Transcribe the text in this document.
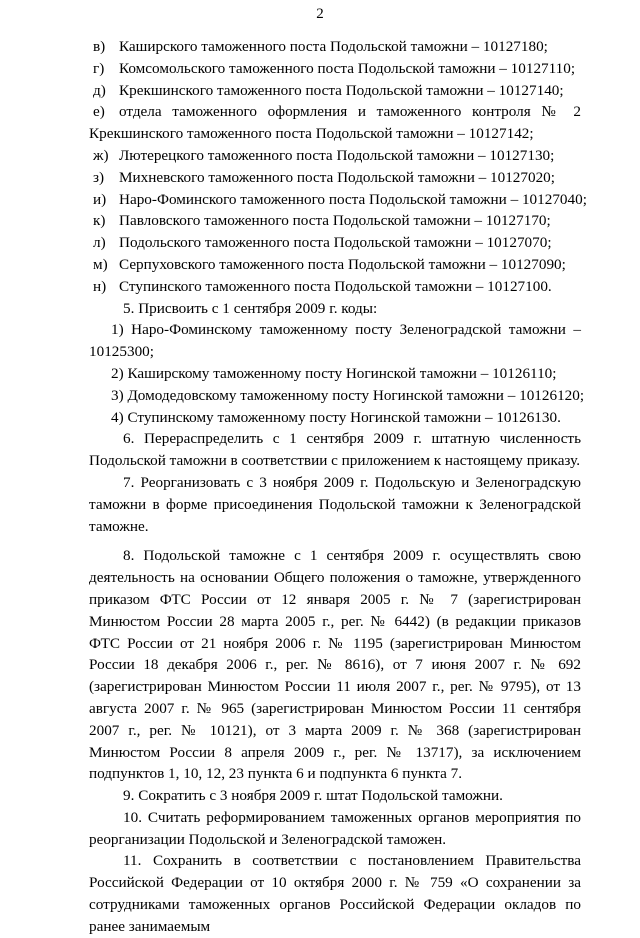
2

в) Каширского таможенного поста Подольской таможни – 10127180;

г) Комсомольского таможенного поста Подольской таможни – 10127110;

д) Крекшинского таможенного поста Подольской таможни – 10127140;

е) отдела таможенного оформления и таможенного контроля № 2 Крекшинского таможенного поста Подольской таможни – 10127142;

ж) Лютерецкого таможенного поста Подольской таможни – 10127130;

з) Михневского таможенного поста Подольской таможни – 10127020;

и) Наро-Фоминского таможенного поста Подольской таможни – 10127040;

к) Павловского таможенного поста Подольской таможни – 10127170;

л) Подольского таможенного поста Подольской таможни – 10127070;

м) Серпуховского таможенного поста Подольской таможни – 10127090;

н) Ступинского таможенного поста Подольской таможни – 10127100.

5. Присвоить с 1 сентября 2009 г. коды:

1) Наро-Фоминскому таможенному посту Зеленоградской таможни – 10125300;

2) Каширскому таможенному посту Ногинской таможни – 10126110;

3) Домодедовскому таможенному посту Ногинской таможни – 10126120;

4) Ступинскому таможенному посту Ногинской таможни – 10126130.

6. Перераспределить с 1 сентября 2009 г. штатную численность Подольской таможни в соответствии с приложением к настоящему приказу.

7. Реорганизовать с 3 ноября 2009 г. Подольскую и Зеленоградскую таможни в форме присоединения Подольской таможни к Зеленоградской таможне.

8. Подольской таможне с 1 сентября 2009 г. осуществлять свою деятельность на основании Общего положения о таможне, утвержденного приказом ФТС России от 12 января 2005 г. № 7 (зарегистрирован Минюстом России 28 марта 2005 г., рег. № 6442) (в редакции приказов ФТС России от 21 ноября 2006 г. № 1195 (зарегистрирован Минюстом России 18 декабря 2006 г., рег. № 8616), от 7 июня 2007 г. № 692 (зарегистрирован Минюстом России 11 июля 2007 г., рег. № 9795), от 13 августа 2007 г. № 965 (зарегистрирован Минюстом России 11 сентября 2007 г., рег. № 10121), от 3 марта 2009 г. № 368 (зарегистрирован Минюстом России 8 апреля 2009 г., рег. № 13717), за исключением подпунктов 1, 10, 12, 23 пункта 6 и подпункта 6 пункта 7.

9. Сократить с 3 ноября 2009 г. штат Подольской таможни.

10. Считать реформированием таможенных органов мероприятия по реорганизации Подольской и Зеленоградской таможен.

11. Сохранить в соответствии с постановлением Правительства Российской Федерации от 10 октября 2000 г. № 759 «О сохранении за сотрудниками таможенных органов Российской Федерации окладов по ранее занимаемым
